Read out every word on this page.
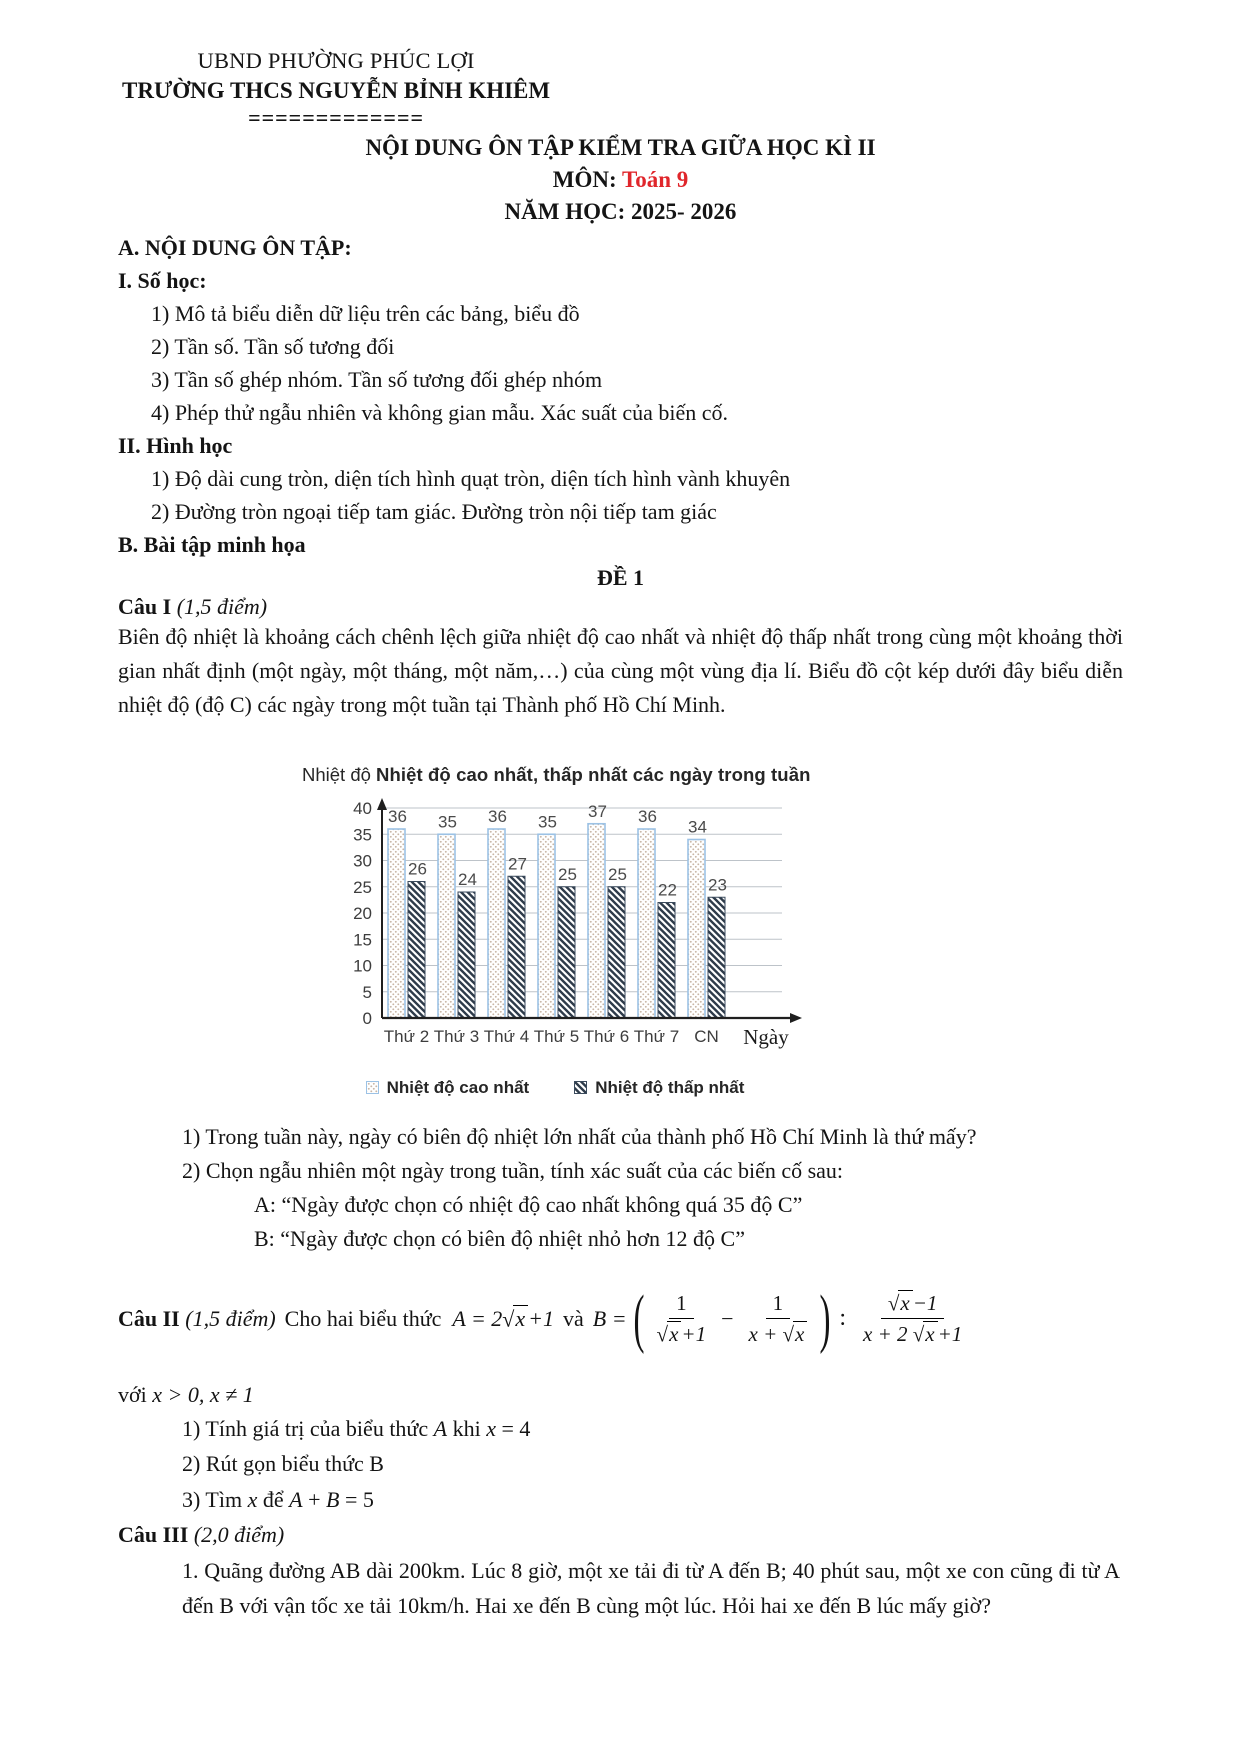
UBND PHƯỜNG PHÚC LỢI
TRƯỜNG THCS NGUYỄN BỈNH KHIÊM
=============
NỘI DUNG ÔN TẬP KIỂM TRA GIỮA HỌC KÌ II
MÔN: Toán 9
NĂM HỌC: 2025- 2026
A. NỘI DUNG ÔN TẬP:
I. Số học:
1) Mô tả biểu diễn dữ liệu trên các bảng, biểu đồ
2) Tần số. Tần số tương đối
3) Tần số ghép nhóm. Tần số tương đối ghép nhóm
4) Phép thử ngẫu nhiên và không gian mẫu. Xác suất của biến cố.
II. Hình học
1) Độ dài cung tròn, diện tích hình quạt tròn, diện tích hình vành khuyên
2) Đường tròn ngoại tiếp tam giác. Đường tròn nội tiếp tam giác
B. Bài tập minh họa
ĐỀ 1
Câu I (1,5 điểm)
Biên độ nhiệt là khoảng cách chênh lệch giữa nhiệt độ cao nhất và nhiệt độ thấp nhất trong cùng một khoảng thời gian nhất định (một ngày, một tháng, một năm,…) của cùng một vùng địa lí. Biểu đồ cột kép dưới đây biểu diễn nhiệt độ (độ C) các ngày trong một tuần tại Thành phố Hồ Chí Minh.
Nhiệt độ Nhiệt độ cao nhất, thấp nhất các ngày trong tuần
0
5
10
15
20
25
30
35
40 36
26
Thứ 2
35
24
Thứ 3
36
27
Thứ 4
35
25
Thứ 5
37
25
Thứ 6
36
22
Thứ 7
34
23
CN Ngày
Nhiệt độ cao nhất	Nhiệt độ thấp nhất
1) Trong tuần này, ngày có biên độ nhiệt lớn nhất của thành phố Hồ Chí Minh là thứ mấy?
2) Chọn ngẫu nhiên một ngày trong tuần, tính xác suất của các biến cố sau:
A: “Ngày được chọn có nhiệt độ cao nhất không quá 35 độ C”
B: “Ngày được chọn có biên độ nhiệt nhỏ hơn 12 độ C”
Câu II (1,5 điểm) Cho hai biểu thức A = 2√x +1 và B = ( $\frac{1}{√x +1} - \frac{1}{x + √x}$ ) : $\frac{√x -1}{x + 2 √x +1}$
với x > 0, x ≠ 1
1) Tính giá trị của biểu thức A khi x = 4
2) Rút gọn biểu thức B
3) Tìm x để A + B = 5
Câu III (2,0 điểm)
1. Quãng đường AB dài 200km. Lúc 8 giờ, một xe tải đi từ A đến B; 40 phút sau, một xe con cũng đi từ A đến B với vận tốc xe tải 10km/h. Hai xe đến B cùng một lúc. Hỏi hai xe đến B lúc mấy giờ?
